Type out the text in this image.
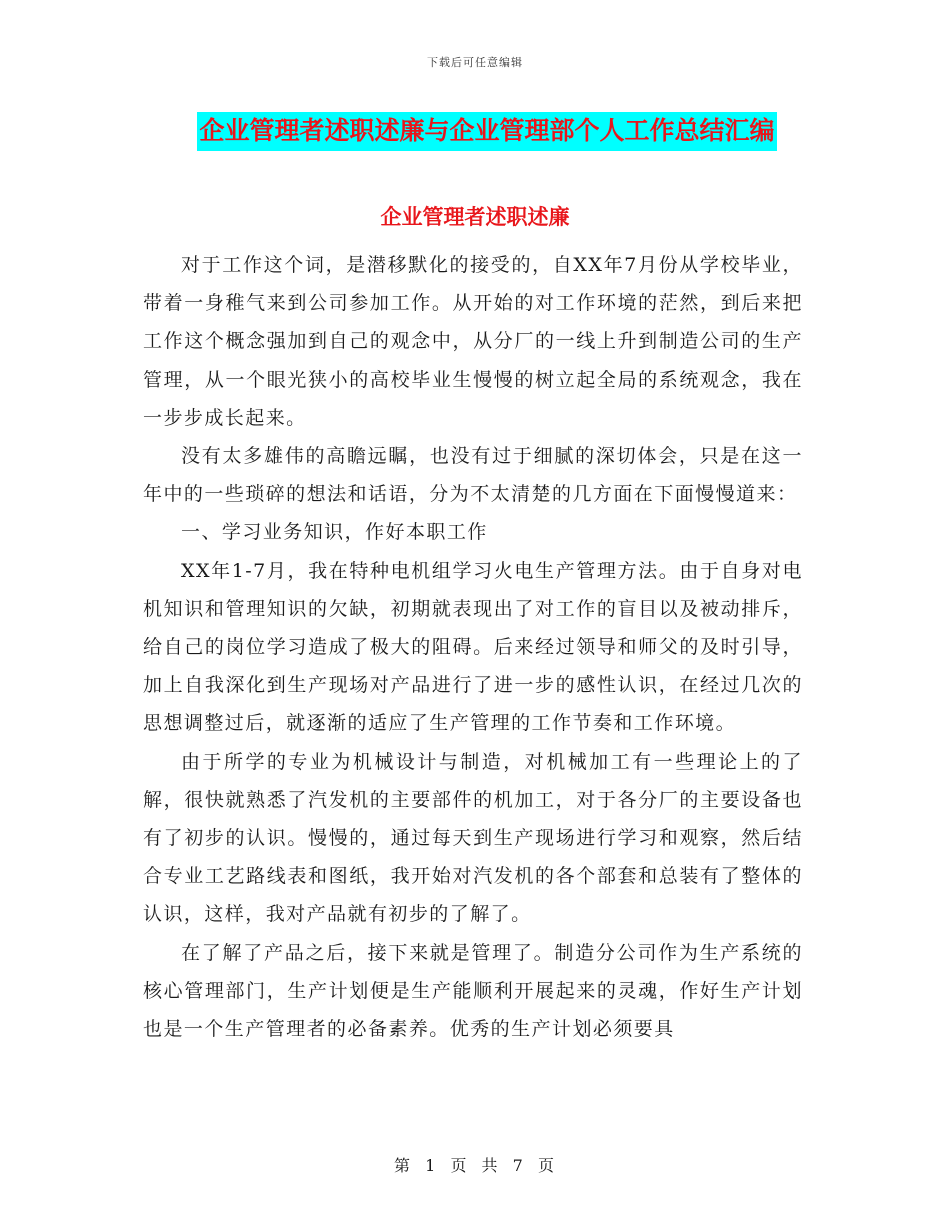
下载后可任意编辑
企业管理者述职述廉与企业管理部个人工作总结汇编
企业管理者述职述廉

对于工作这个词，是潜移默化的接受的，自XX年7月份从学校毕业，带着一身稚气来到公司参加工作。从开始的对工作环境的茫然，到后来把工作这个概念强加到自己的观念中，从分厂的一线上升到制造公司的生产管理，从一个眼光狭小的高校毕业生慢慢的树立起全局的系统观念，我在一步步成长起来。

没有太多雄伟的高瞻远瞩，也没有过于细腻的深切体会，只是在这一年中的一些琐碎的想法和话语，分为不太清楚的几方面在下面慢慢道来：

一、学习业务知识，作好本职工作

XX年1-7月，我在特种电机组学习火电生产管理方法。由于自身对电机知识和管理知识的欠缺，初期就表现出了对工作的盲目以及被动排斥，给自己的岗位学习造成了极大的阻碍。后来经过领导和师父的及时引导，加上自我深化到生产现场对产品进行了进一步的感性认识，在经过几次的思想调整过后，就逐渐的适应了生产管理的工作节奏和工作环境。

由于所学的专业为机械设计与制造，对机械加工有一些理论上的了解，很快就熟悉了汽发机的主要部件的机加工，对于各分厂的主要设备也有了初步的认识。慢慢的，通过每天到生产现场进行学习和观察，然后结合专业工艺路线表和图纸，我开始对汽发机的各个部套和总装有了整体的认识，这样，我对产品就有初步的了解了。

在了解了产品之后，接下来就是管理了。制造分公司作为生产系统的核心管理部门，生产计划便是生产能顺利开展起来的灵魂，作好生产计划也是一个生产管理者的必备素养。优秀的生产计划必须要具

第 1 页 共 7 页
